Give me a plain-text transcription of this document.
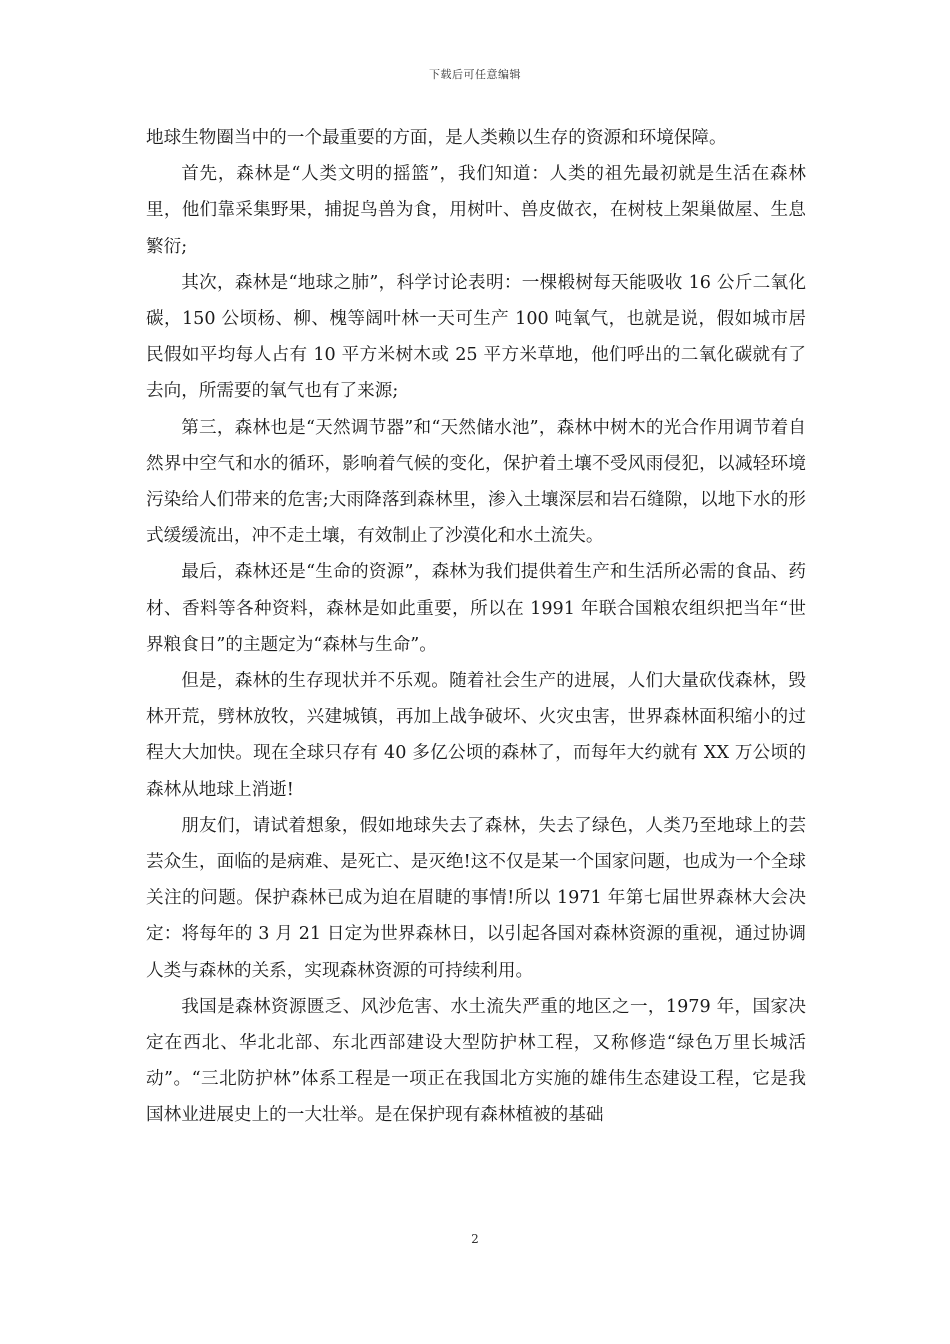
下载后可任意编辑

地球生物圈当中的一个最重要的方面，是人类赖以生存的资源和环境保障。

首先，森林是“人类文明的摇篮”，我们知道：人类的祖先最初就是生活在森林里，他们靠采集野果，捕捉鸟兽为食，用树叶、兽皮做衣，在树枝上架巢做屋、生息繁衍;

其次，森林是“地球之肺”，科学讨论表明：一棵椴树每天能吸收 16 公斤二氧化碳，150 公顷杨、柳、槐等阔叶林一天可生产 100 吨氧气，也就是说，假如城市居民假如平均每人占有 10 平方米树木或 25 平方米草地，他们呼出的二氧化碳就有了去向，所需要的氧气也有了来源;

第三，森林也是“天然调节器”和“天然储水池”，森林中树木的光合作用调节着自然界中空气和水的循环，影响着气候的变化，保护着土壤不受风雨侵犯，以减轻环境污染给人们带来的危害;大雨降落到森林里，渗入土壤深层和岩石缝隙，以地下水的形式缓缓流出，冲不走土壤，有效制止了沙漠化和水土流失。

最后，森林还是“生命的资源”，森林为我们提供着生产和生活所必需的食品、药材、香料等各种资料，森林是如此重要，所以在 1991 年联合国粮农组织把当年“世界粮食日”的主题定为“森林与生命”。

但是，森林的生存现状并不乐观。随着社会生产的进展，人们大量砍伐森林，毁林开荒，劈林放牧，兴建城镇，再加上战争破坏、火灾虫害，世界森林面积缩小的过程大大加快。现在全球只存有 40 多亿公顷的森林了，而每年大约就有 XX 万公顷的森林从地球上消逝!

朋友们，请试着想象，假如地球失去了森林，失去了绿色，人类乃至地球上的芸芸众生，面临的是病难、是死亡、是灭绝!这不仅是某一个国家问题，也成为一个全球关注的问题。保护森林已成为迫在眉睫的事情!所以 1971 年第七届世界森林大会决定：将每年的 3 月 21 日定为世界森林日，以引起各国对森林资源的重视，通过协调人类与森林的关系，实现森林资源的可持续利用。

我国是森林资源匮乏、风沙危害、水土流失严重的地区之一，1979 年，国家决定在西北、华北北部、东北西部建设大型防护林工程，又称修造“绿色万里长城活动”。“三北防护林”体系工程是一项正在我国北方实施的雄伟生态建设工程，它是我国林业进展史上的一大壮举。是在保护现有森林植被的基础

2
